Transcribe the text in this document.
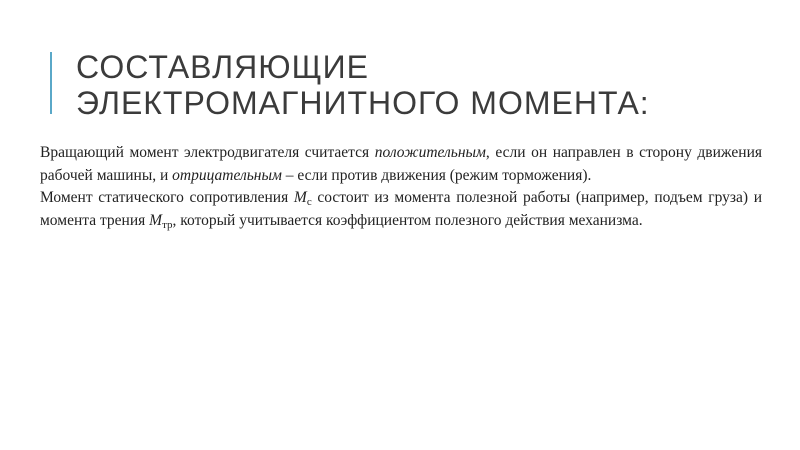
СОСТАВЛЯЮЩИЕ
ЭЛЕКТРОМАГНИТНОГО МОМЕНТА:

Вращающий момент электродвигателя считается положительным, если он направлен в сторону движения рабочей машины, и отрицательным – если против движения (режим торможения).

Момент статического сопротивления $M_c$ состоит из момента полезной работы (например, подъем груза) и момента трения $M_{тр}$, который учитывается коэффициентом полезного действия механизма.
